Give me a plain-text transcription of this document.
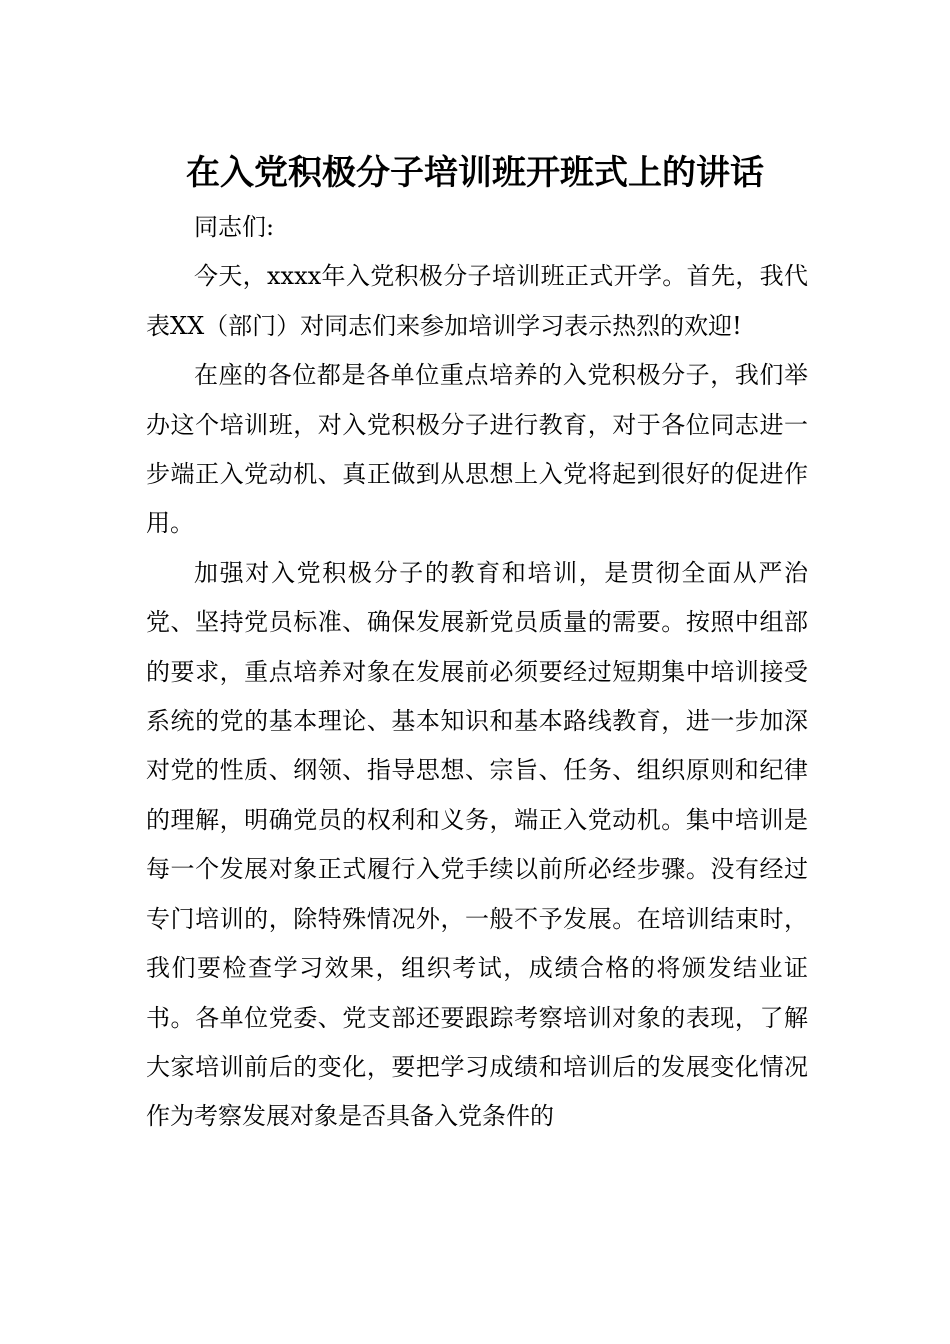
在入党积极分子培训班开班式上的讲话

同志们:

今天，xxxx年入党积极分子培训班正式开学。首先，我代表XX（部门）对同志们来参加培训学习表示热烈的欢迎!

在座的各位都是各单位重点培养的入党积极分子，我们举办这个培训班，对入党积极分子进行教育，对于各位同志进一步端正入党动机、真正做到从思想上入党将起到很好的促进作用。

加强对入党积极分子的教育和培训，是贯彻全面从严治党、坚持党员标准、确保发展新党员质量的需要。按照中组部的要求，重点培养对象在发展前必须要经过短期集中培训接受系统的党的基本理论、基本知识和基本路线教育，进一步加深对党的性质、纲领、指导思想、宗旨、任务、组织原则和纪律的理解，明确党员的权利和义务，端正入党动机。集中培训是每一个发展对象正式履行入党手续以前所必经步骤。没有经过专门培训的，除特殊情况外，一般不予发展。在培训结束时，我们要检查学习效果，组织考试，成绩合格的将颁发结业证书。各单位党委、党支部还要跟踪考察培训对象的表现，了解大家培训前后的变化，要把学习成绩和培训后的发展变化情况作为考察发展对象是否具备入党条件的
